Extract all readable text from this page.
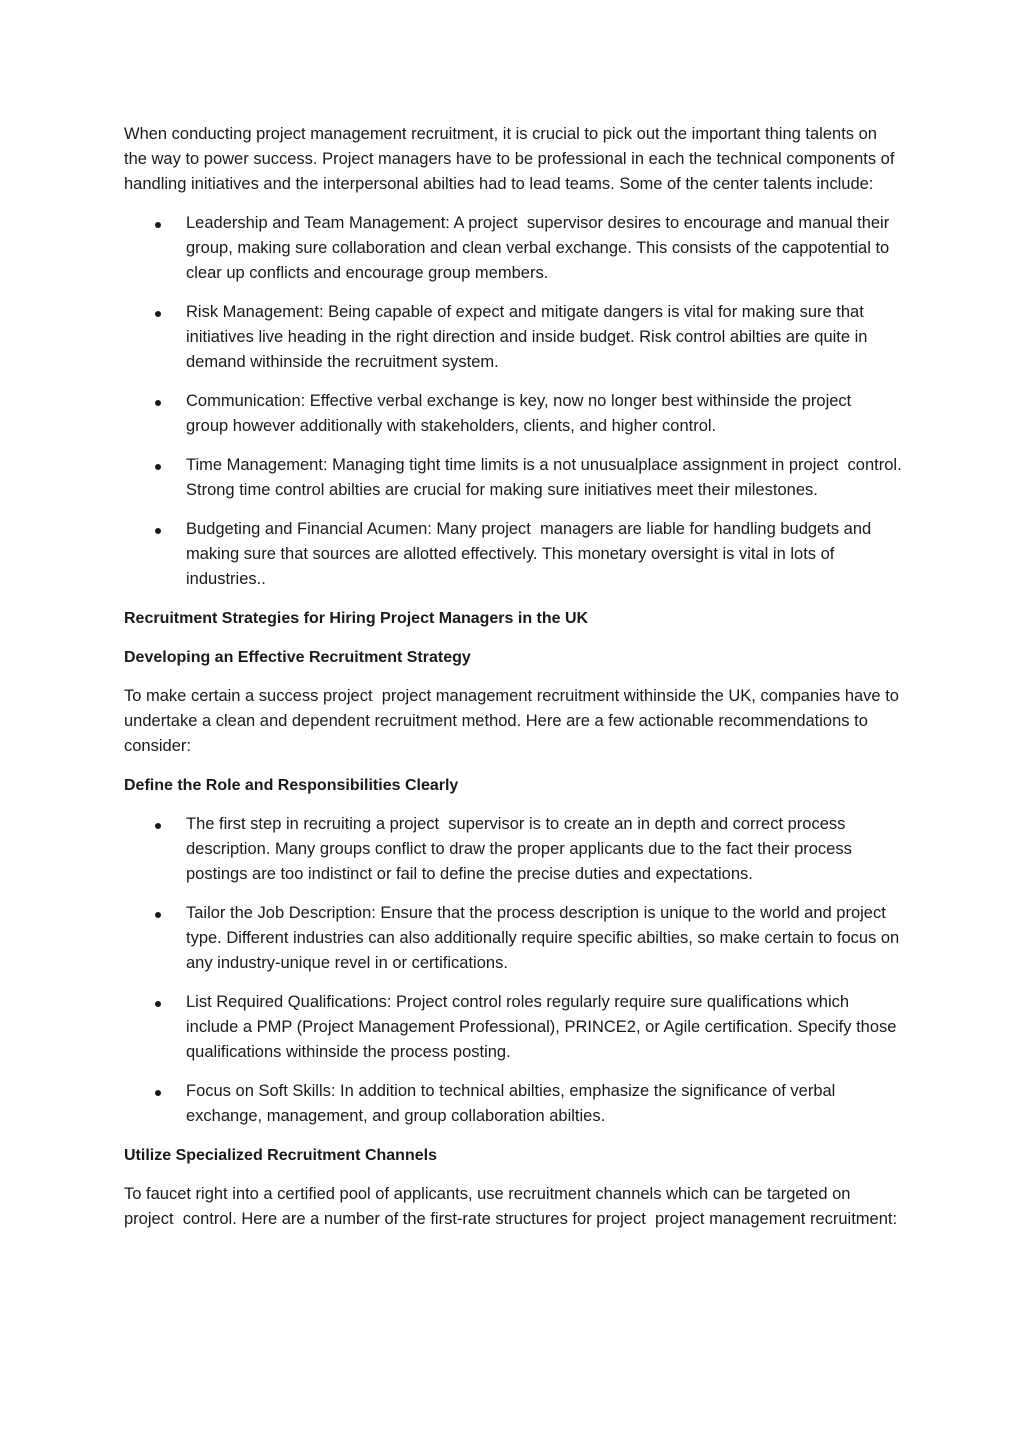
When conducting project management recruitment, it is crucial to pick out the important thing talents on the way to power success. Project managers have to be professional in each the technical components of handling initiatives and the interpersonal abilties had to lead teams. Some of the center talents include:

Leadership and Team Management: A project  supervisor desires to encourage and manual their group, making sure collaboration and clean verbal exchange. This consists of the cappotential to clear up conflicts and encourage group members.

Risk Management: Being capable of expect and mitigate dangers is vital for making sure that initiatives live heading in the right direction and inside budget. Risk control abilties are quite in demand withinside the recruitment system.

Communication: Effective verbal exchange is key, now no longer best withinside the project  group however additionally with stakeholders, clients, and higher control.

Time Management: Managing tight time limits is a not unusualplace assignment in project  control. Strong time control abilties are crucial for making sure initiatives meet their milestones.

Budgeting and Financial Acumen: Many project  managers are liable for handling budgets and making sure that sources are allotted effectively. This monetary oversight is vital in lots of industries..

Recruitment Strategies for Hiring Project Managers in the UK

Developing an Effective Recruitment Strategy

To make certain a success project  project management recruitment withinside the UK, companies have to undertake a clean and dependent recruitment method. Here are a few actionable recommendations to consider:

Define the Role and Responsibilities Clearly

The first step in recruiting a project  supervisor is to create an in depth and correct process description. Many groups conflict to draw the proper applicants due to the fact their process postings are too indistinct or fail to define the precise duties and expectations.

Tailor the Job Description: Ensure that the process description is unique to the world and project  type. Different industries can also additionally require specific abilties, so make certain to focus on any industry-unique revel in or certifications.

List Required Qualifications: Project control roles regularly require sure qualifications which include a PMP (Project Management Professional), PRINCE2, or Agile certification. Specify those qualifications withinside the process posting.

Focus on Soft Skills: In addition to technical abilties, emphasize the significance of verbal exchange, management, and group collaboration abilties.

Utilize Specialized Recruitment Channels

To faucet right into a certified pool of applicants, use recruitment channels which can be targeted on project  control. Here are a number of the first-rate structures for project  project management recruitment:
